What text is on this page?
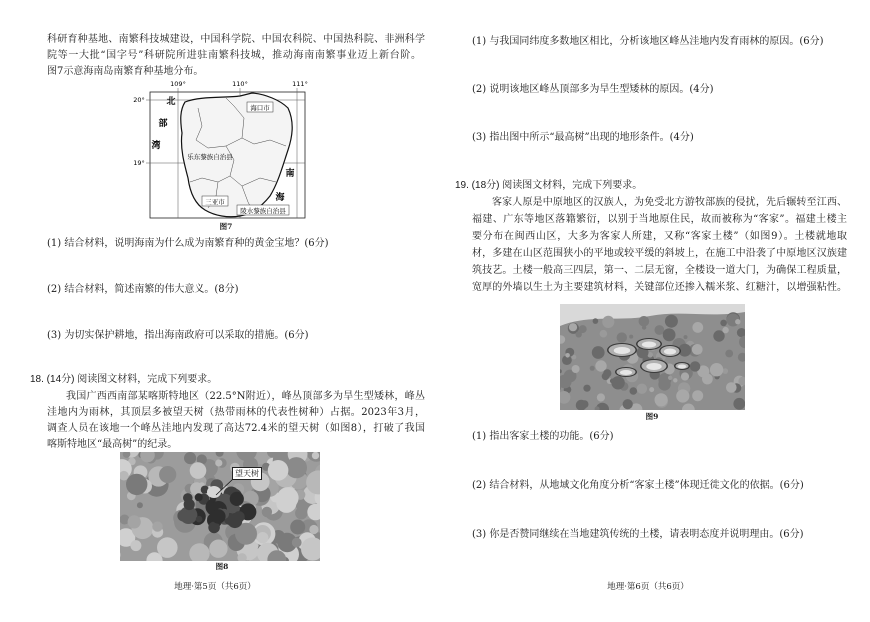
科研育种基地、南繁科技城建设，中国科学院、中国农科院、中国热科院、非洲科学
院等一大批“国字号”科研院所进驻南繁科技城，推动海南南繁事业迈上新台阶。
图7示意海南岛南繁育种基地分布。
109°	110°	111°
20°
19°
北
部
湾
南
海
海口市
乐东黎族自治县
三亚市
陵水黎族自治县
图7
(1) 结合材料，说明海南为什么成为南繁育种的黄金宝地？(6分)
(2) 结合材料，简述南繁的伟大意义。(8分)
(3) 为切实保护耕地，指出海南政府可以采取的措施。(6分)
18. (14分) 阅读图文材料，完成下列要求。
我国广西西南部某喀斯特地区（22.5°N附近），峰丛顶部多为旱生型矮林，峰丛
洼地内为雨林，其顶层多被望天树（热带雨林的代表性树种）占据。2023年3月，
调查人员在该地一个峰丛洼地内发现了高达72.4米的望天树（如图8），打破了我国
喀斯特地区“最高树”的纪录。
望天树
图8
地理·第5页（共6页）
(1) 与我国同纬度多数地区相比，分析该地区峰丛洼地内发育雨林的原因。(6分)
(2) 说明该地区峰丛顶部多为旱生型矮林的原因。(4分)
(3) 指出图中所示“最高树”出现的地形条件。(4分)
19. (18分) 阅读图文材料，完成下列要求。
客家人原是中原地区的汉族人，为免受北方游牧部族的侵扰，先后辗转至江西、
福建、广东等地区落籍繁衍，以别于当地原住民，故而被称为“客家”。福建土楼主
要分布在闽西山区，大多为客家人所建，又称“客家土楼”（如图9）。土楼就地取
材，多建在山区范围狭小的平地或较平缓的斜坡上，在施工中沿袭了中原地区汉族建
筑技艺。土楼一般高三四层，第一、二层无窗，全楼设一道大门，为确保工程质量，
宽厚的外墙以生土为主要建筑材料，关键部位还掺入糯米浆、红糖汁，以增强粘性。
图9
(1) 指出客家土楼的功能。(6分)
(2) 结合材料，从地域文化角度分析“客家土楼”体现迁徙文化的依据。(6分)
(3) 你是否赞同继续在当地建筑传统的土楼，请表明态度并说明理由。(6分)
地理·第6页（共6页）
